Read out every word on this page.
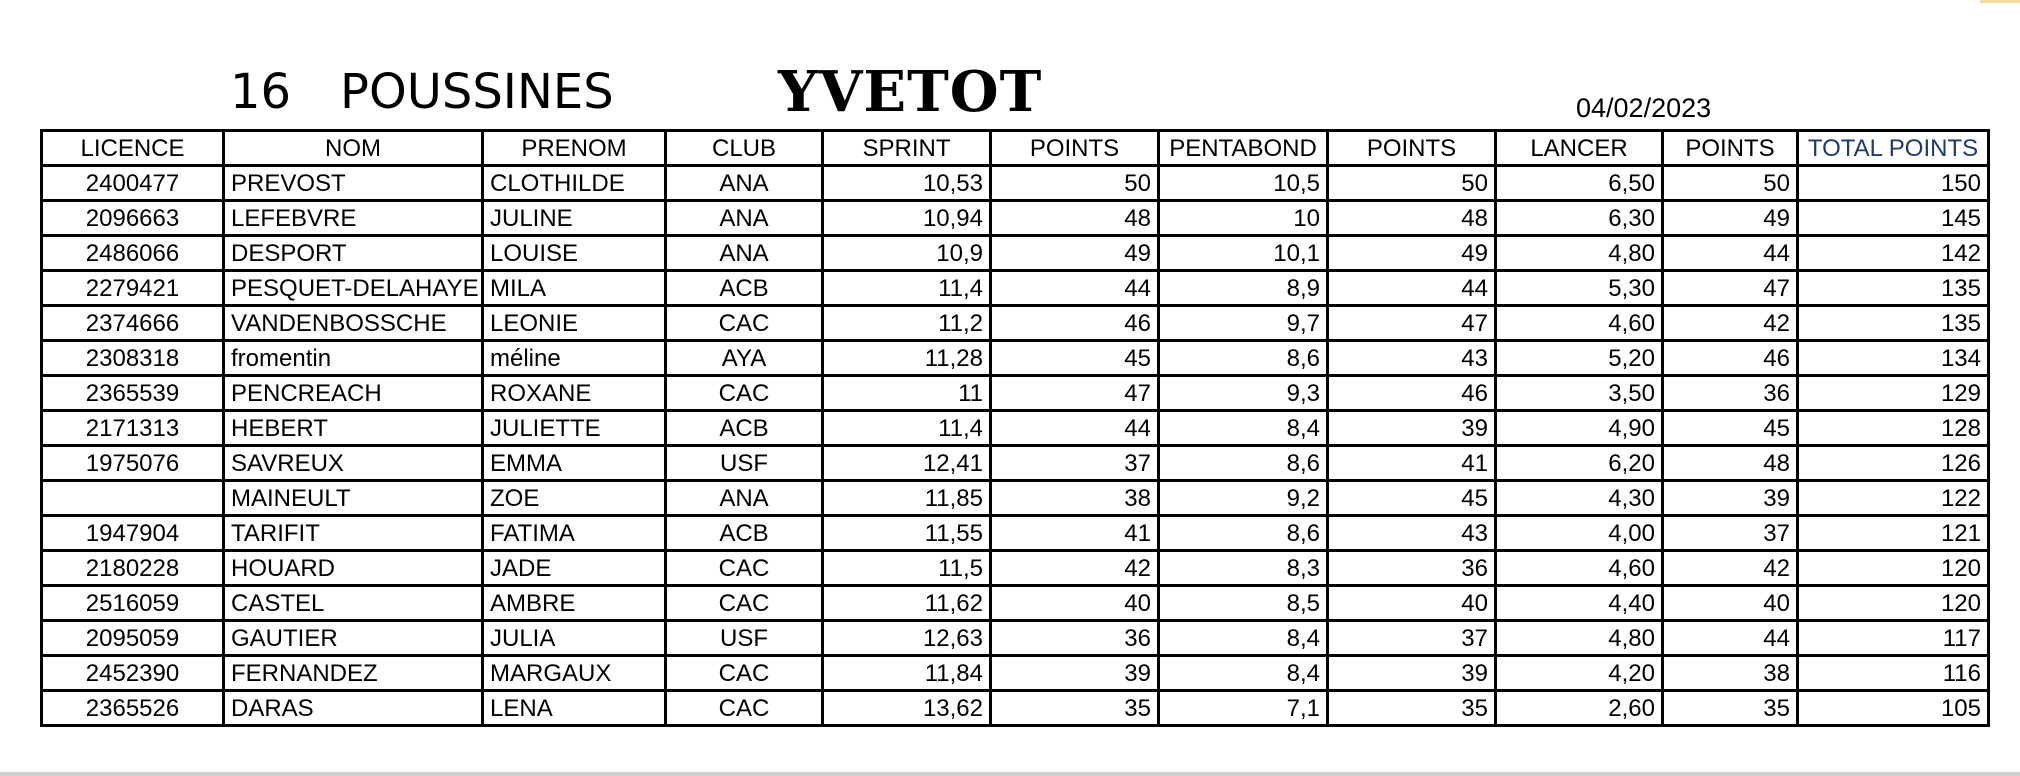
16 POUSSINES	YVETOT	04/02/2023
LICENCE	NOM	PRENOM	CLUB	SPRINT	POINTS	PENTABOND	POINTS	LANCER	POINTS	TOTAL POINTS
2400477	PREVOST	CLOTHILDE	ANA	10,53	50	10,5	50	6,50	50	150
2096663	LEFEBVRE	JULINE	ANA	10,94	48	10	48	6,30	49	145
2486066	DESPORT	LOUISE	ANA	10,9	49	10,1	49	4,80	44	142
2279421	PESQUET-DELAHAYE	MILA	ACB	11,4	44	8,9	44	5,30	47	135
2374666	VANDENBOSSCHE	LEONIE	CAC	11,2	46	9,7	47	4,60	42	135
2308318	fromentin	méline	AYA	11,28	45	8,6	43	5,20	46	134
2365539	PENCREACH	ROXANE	CAC	11	47	9,3	46	3,50	36	129
2171313	HEBERT	JULIETTE	ACB	11,4	44	8,4	39	4,90	45	128
1975076	SAVREUX	EMMA	USF	12,41	37	8,6	41	6,20	48	126
	MAINEULT	ZOE	ANA	11,85	38	9,2	45	4,30	39	122
1947904	TARIFIT	FATIMA	ACB	11,55	41	8,6	43	4,00	37	121
2180228	HOUARD	JADE	CAC	11,5	42	8,3	36	4,60	42	120
2516059	CASTEL	AMBRE	CAC	11,62	40	8,5	40	4,40	40	120
2095059	GAUTIER	JULIA	USF	12,63	36	8,4	37	4,80	44	117
2452390	FERNANDEZ	MARGAUX	CAC	11,84	39	8,4	39	4,20	38	116
2365526	DARAS	LENA	CAC	13,62	35	7,1	35	2,60	35	105
